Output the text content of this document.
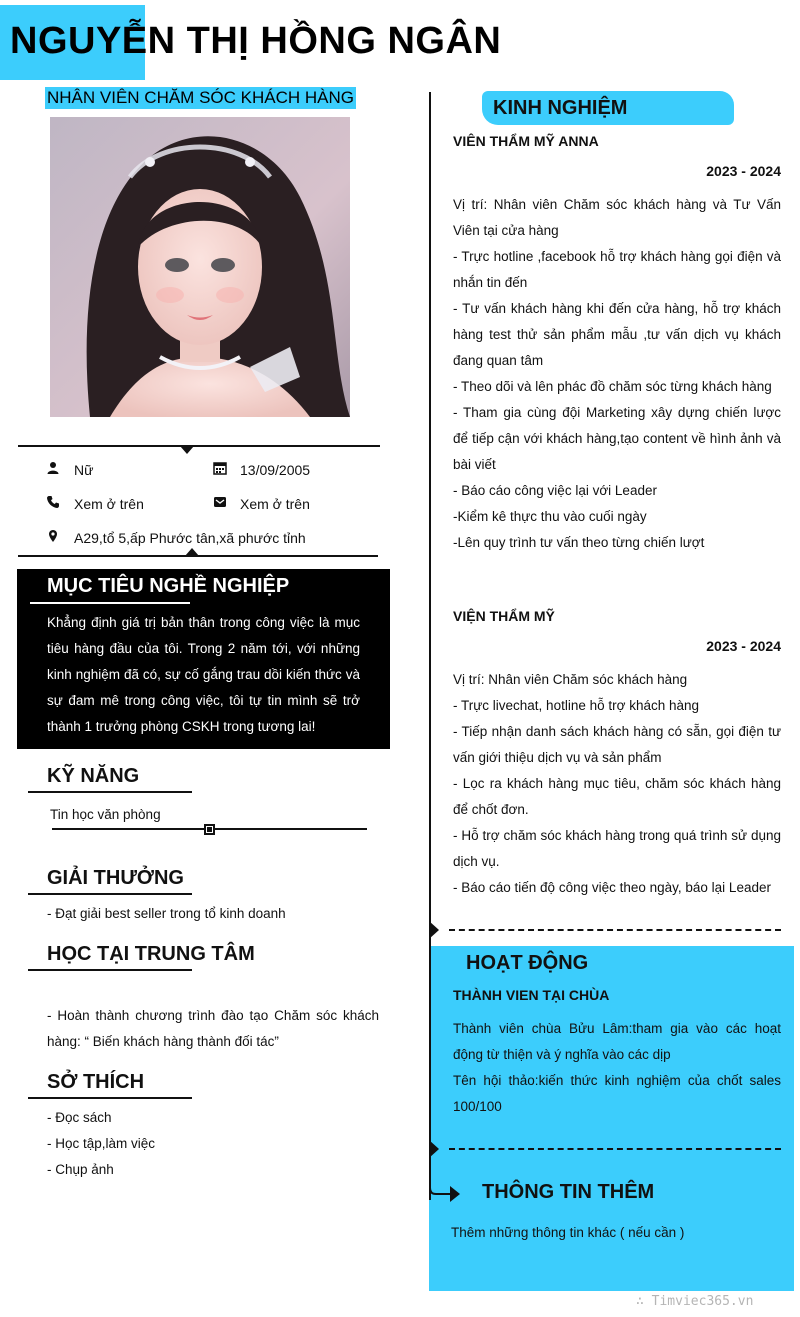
NGUYỄN THỊ HỒNG NGÂN
NHÂN VIÊN CHĂM SÓC KHÁCH HÀNG
Nữ	13/09/2005
Xem ở trên	Xem ở trên
A29,tổ 5,ấp Phước tân,xã phước tỉnh
MỤC TIÊU NGHỀ NGHIỆP
Khẳng định giá trị bản thân trong công việc là mục tiêu hàng đầu của tôi. Trong 2 năm tới, với những kinh nghiệm đã có, sự cố gắng trau dồi kiến thức và sự đam mê trong công việc, tôi tự tin mình sẽ trở thành 1 trưởng phòng CSKH trong tương lai!
KỸ NĂNG
Tin học văn phòng
GIẢI THƯỞNG
- Đạt giải best seller trong tổ kinh doanh
HỌC TẠI TRUNG TÂM
- Hoàn thành chương trình đào tạo Chăm sóc khách hàng: “ Biến khách hàng thành đối tác”
SỞ THÍCH
- Đọc sách
- Học tập,làm việc
- Chụp ảnh
KINH NGHIỆM
VIÊN THẨM MỸ ANNA
2023 - 2024
Vị trí: Nhân viên Chăm sóc khách hàng và Tư Vấn Viên tại cửa hàng
- Trực hotline ,facebook hỗ trợ khách hàng gọi điện và nhắn tin đến
- Tư vấn khách hàng khi đến cửa hàng, hỗ trợ khách hàng test thử sản phẩm mẫu ,tư vấn dịch vụ khách đang quan tâm
- Theo dõi và lên phác đồ chăm sóc từng khách hàng
- Tham gia cùng đội Marketing xây dựng chiến lược để tiếp cận với khách hàng,tạo content về hình ảnh và bài viết
- Báo cáo công việc lại với Leader
-Kiểm kê thực thu vào cuối ngày
-Lên quy trình tư vấn theo từng chiến lượt
VIỆN THẨM MỸ
2023 - 2024
Vị trí: Nhân viên Chăm sóc khách hàng
- Trực livechat, hotline hỗ trợ khách hàng
- Tiếp nhận danh sách khách hàng có sẵn, gọi điện tư vấn giới thiệu dịch vụ và sản phẩm
- Lọc ra khách hàng mục tiêu, chăm sóc khách hàng để chốt đơn.
- Hỗ trợ chăm sóc khách hàng trong quá trình sử dụng dịch vụ.
- Báo cáo tiến độ công việc theo ngày, báo lại Leader
HOẠT ĐỘNG
THÀNH VIEN TẠI CHÙA
Thành viên chùa Bửu Lâm:tham gia vào các hoạt động từ thiện và ý nghĩa vào các dịp
Tên hội thảo:kiến thức kinh nghiệm của chốt sales 100/100
THÔNG TIN THÊM
Thêm những thông tin khác ( nếu cần )
∴ Timviec365.vn
